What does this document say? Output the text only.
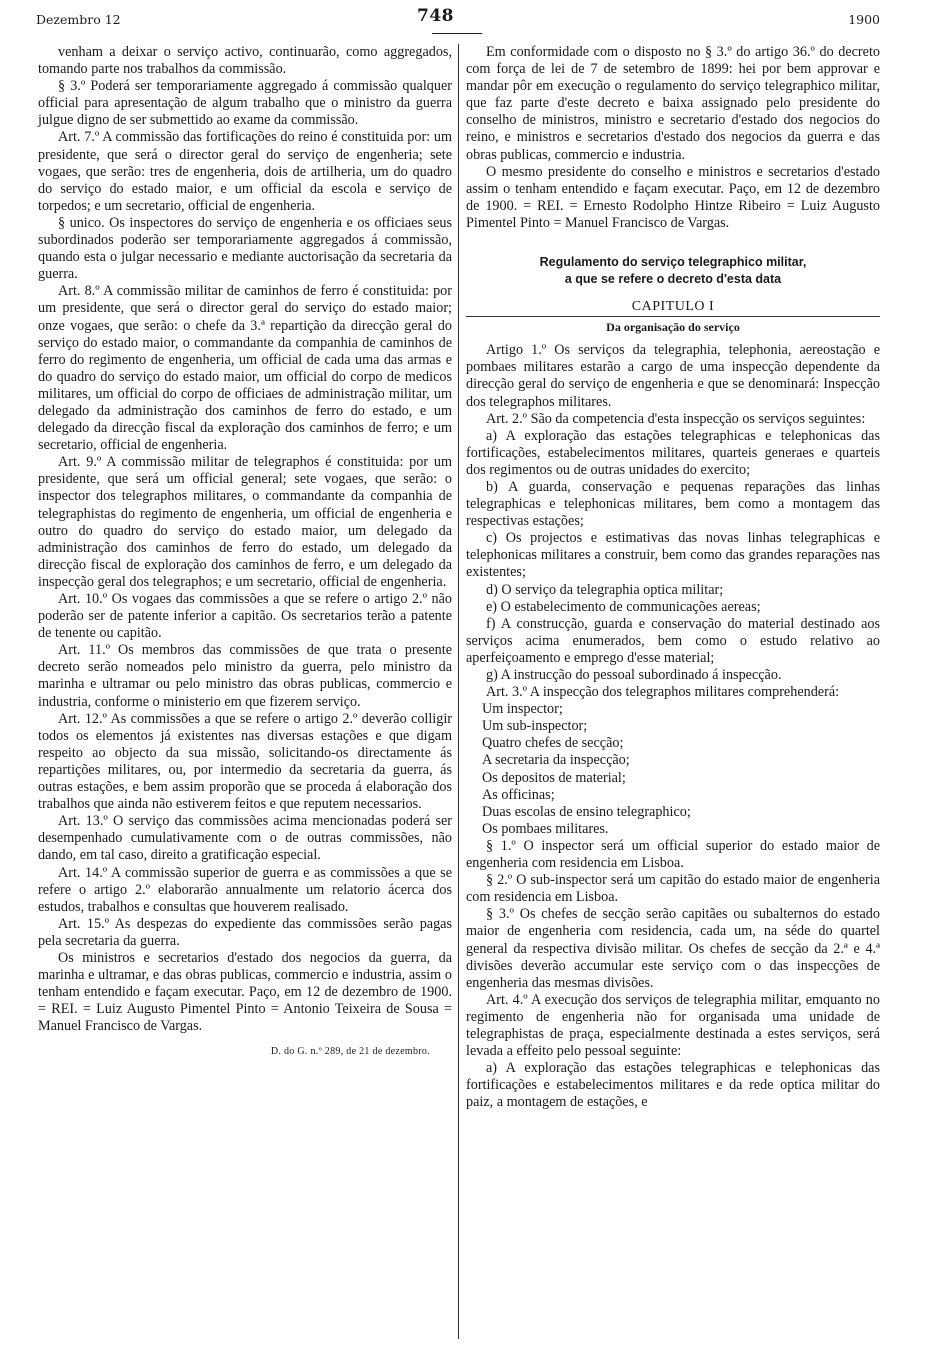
Dezembro 12	748	1900

venham a deixar o serviço activo, continuarão, como aggregados, tomando parte nos trabalhos da commissão.

§ 3.º Poderá ser temporariamente aggregado á commissão qualquer official para apresentação de algum trabalho que o ministro da guerra julgue digno de ser submettido ao exame da commissão.

Art. 7.º A commissão das fortificações do reino é constituida por: um presidente, que será o director geral do serviço de engenheria; sete vogaes, que serão: tres de engenheria, dois de artilheria, um do quadro do serviço do estado maior, e um official da escola e serviço de torpedos; e um secretario, official de engenheria.

§ unico. Os inspectores do serviço de engenheria e os officiaes seus subordinados poderão ser temporariamente aggregados á commissão, quando esta o julgar necessario e mediante auctorisação da secretaria da guerra.

Art. 8.º A commissão militar de caminhos de ferro é constituida: por um presidente, que será o director geral do serviço do estado maior; onze vogaes, que serão: o chefe da 3.ª repartição da direcção geral do serviço do estado maior, o commandante da companhia de caminhos de ferro do regimento de engenheria, um official de cada uma das armas e do quadro do serviço do estado maior, um official do corpo de medicos militares, um official do corpo de officiaes de administração militar, um delegado da administração dos caminhos de ferro do estado, e um delegado da direcção fiscal da exploração dos caminhos de ferro; e um secretario, official de engenheria.

Art. 9.º A commissão militar de telegraphos é constituida: por um presidente, que será um official general; sete vogaes, que serão: o inspector dos telegraphos militares, o commandante da companhia de telegraphistas do regimento de engenheria, um official de engenheria e outro do quadro do serviço do estado maior, um delegado da administração dos caminhos de ferro do estado, um delegado da direcção fiscal de exploração dos caminhos de ferro, e um delegado da inspecção geral dos telegraphos; e um secretario, official de engenheria.

Art. 10.º Os vogaes das commissões a que se refere o artigo 2.º não poderão ser de patente inferior a capitão. Os secretarios terão a patente de tenente ou capitão.

Art. 11.º Os membros das commissões de que trata o presente decreto serão nomeados pelo ministro da guerra, pelo ministro da marinha e ultramar ou pelo ministro das obras publicas, commercio e industria, conforme o ministerio em que fizerem serviço.

Art. 12.º As commissões a que se refere o artigo 2.º deverão colligir todos os elementos já existentes nas diversas estações e que digam respeito ao objecto da sua missão, solicitando-os directamente ás repartições militares, ou, por intermedio da secretaria da guerra, ás outras estações, e bem assim proporão que se proceda á elaboração dos trabalhos que ainda não estiverem feitos e que reputem necessarios.

Art. 13.º O serviço das commissões acima mencionadas poderá ser desempenhado cumulativamente com o de outras commissões, não dando, em tal caso, direito a gratificação especial.

Art. 14.º A commissão superior de guerra e as commissões a que se refere o artigo 2.º elaborarão annualmente um relatorio ácerca dos estudos, trabalhos e consultas que houverem realisado.

Art. 15.º As despezas do expediente das commissões serão pagas pela secretaria da guerra.

Os ministros e secretarios d'estado dos negocios da guerra, da marinha e ultramar, e das obras publicas, commercio e industria, assim o tenham entendido e façam executar. Paço, em 12 de dezembro de 1900. = REI. = Luiz Augusto Pimentel Pinto = Antonio Teixeira de Sousa = Manuel Francisco de Vargas.

D. do G. n.º 289, de 21 de dezembro.

Em conformidade com o disposto no § 3.º do artigo 36.º do decreto com força de lei de 7 de setembro de 1899: hei por bem approvar e mandar pôr em execução o regulamento do serviço telegraphico militar, que faz parte d'este decreto e baixa assignado pelo presidente do conselho de ministros, ministro e secretario d'estado dos negocios do reino, e ministros e secretarios d'estado dos negocios da guerra e das obras publicas, commercio e industria.

O mesmo presidente do conselho e ministros e secretarios d'estado assim o tenham entendido e façam executar. Paço, em 12 de dezembro de 1900. = REI. = Ernesto Rodolpho Hintze Ribeiro = Luiz Augusto Pimentel Pinto = Manuel Francisco de Vargas.

Regulamento do serviço telegraphico militar,

a que se refere o decreto d'esta data

CAPITULO I

Da organisação do serviço

Artigo 1.º Os serviços da telegraphia, telephonia, aereostação e pombaes militares estarão a cargo de uma inspecção dependente da direcção geral do serviço de engenheria e que se denominará: Inspecção dos telegraphos militares.

Art. 2.º São da competencia d'esta inspecção os serviços seguintes:

a) A exploração das estações telegraphicas e telephonicas das fortificações, estabelecimentos militares, quarteis generaes e quarteis dos regimentos ou de outras unidades do exercito;

b) A guarda, conservação e pequenas reparações das linhas telegraphicas e telephonicas militares, bem como a montagem das respectivas estações;

c) Os projectos e estimativas das novas linhas telegraphicas e telephonicas militares a construir, bem como das grandes reparações nas existentes;

d) O serviço da telegraphia optica militar;

e) O estabelecimento de communicações aereas;

f) A construcção, guarda e conservação do material destinado aos serviços acima enumerados, bem como o estudo relativo ao aperfeiçoamento e emprego d'esse material;

g) A instrucção do pessoal subordinado á inspecção.

Art. 3.º A inspecção dos telegraphos militares comprehenderá:

Um inspector;

Um sub-inspector;

Quatro chefes de secção;

A secretaria da inspecção;

Os depositos de material;

As officinas;

Duas escolas de ensino telegraphico;

Os pombaes militares.

§ 1.º O inspector será um official superior do estado maior de engenheria com residencia em Lisboa.

§ 2.º O sub-inspector será um capitão do estado maior de engenheria com residencia em Lisboa.

§ 3.º Os chefes de secção serão capitães ou subalternos do estado maior de engenheria com residencia, cada um, na séde do quartel general da respectiva divisão militar. Os chefes de secção da 2.ª e 4.ª divisões deverão accumular este serviço com o das inspecções de engenheria das mesmas divisões.

Art. 4.º A execução dos serviços de telegraphia militar, emquanto no regimento de engenheria não for organisada uma unidade de telegraphistas de praça, especialmente destinada a estes serviços, será levada a effeito pelo pessoal seguinte:

a) A exploração das estações telegraphicas e telephonicas das fortificações e estabelecimentos militares e da rede optica militar do paiz, a montagem de estações, e
